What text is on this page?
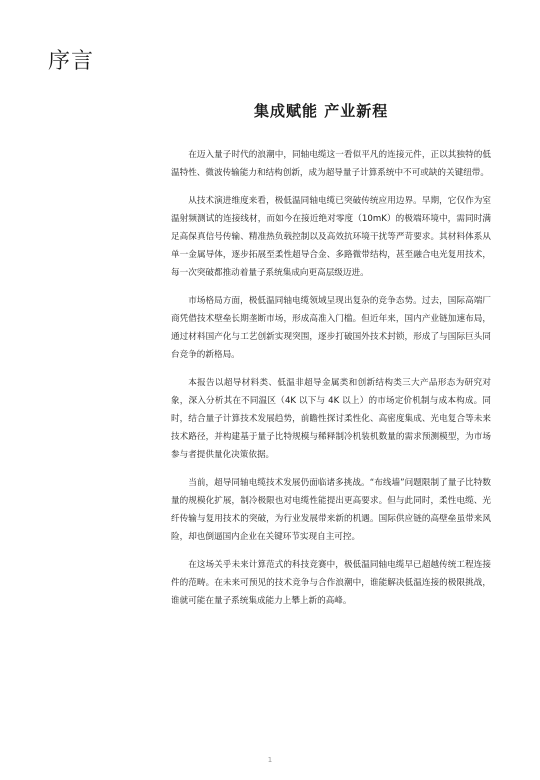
序言
集成赋能 产业新程

在迈入量子时代的浪潮中，同轴电缆这一看似平凡的连接元件，正以其独特的低温特性、微波传输能力和结构创新，成为超导量子计算系统中不可或缺的关键纽带。

从技术演进维度来看，极低温同轴电缆已突破传统应用边界。早期，它仅作为室温射频测试的连接线材，而如今在接近绝对零度（10mK）的极端环境中，需同时满足高保真信号传输、精准热负载控制以及高效抗环境干扰等严苛要求。其材料体系从单一金属导体，逐步拓展至柔性超导合金、多路微带结构，甚至融合电光复用技术，每一次突破都推动着量子系统集成向更高层级迈进。

市场格局方面，极低温同轴电缆领域呈现出复杂的竞争态势。过去，国际高端厂商凭借技术壁垒长期垄断市场，形成高准入门槛。但近年来，国内产业链加速布局，通过材料国产化与工艺创新实现突围，逐步打破国外技术封锁，形成了与国际巨头同台竞争的新格局。

本报告以超导材料类、低温非超导金属类和创新结构类三大产品形态为研究对象，深入分析其在不同温区（4K 以下与 4K 以上）的市场定价机制与成本构成。同时，结合量子计算技术发展趋势，前瞻性探讨柔性化、高密度集成、光电复合等未来技术路径，并构建基于量子比特规模与稀释制冷机装机数量的需求预测模型，为市场参与者提供量化决策依据。

当前，超导同轴电缆技术发展仍面临诸多挑战。“布线墙”问题限制了量子比特数量的规模化扩展，制冷极限也对电缆性能提出更高要求。但与此同时，柔性电缆、光纤传输与复用技术的突破，为行业发展带来新的机遇。国际供应链的高壁垒虽带来风险，却也倒逼国内企业在关键环节实现自主可控。

在这场关乎未来计算范式的科技竞赛中，极低温同轴电缆早已超越传统工程连接件的范畴。在未来可预见的技术竞争与合作浪潮中，谁能解决低温连接的极限挑战，谁就可能在量子系统集成能力上攀上新的高峰。

1
